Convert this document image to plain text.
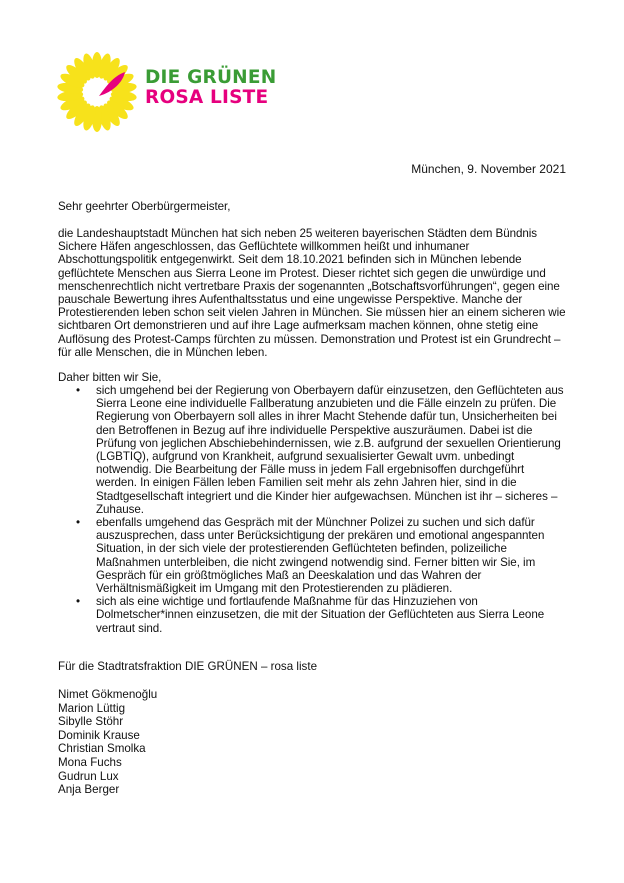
DIE GRÜNEN
ROSA LISTE
München, 9. November 2021
Sehr geehrter Oberbürgermeister,
die Landeshauptstadt München hat sich neben 25 weiteren bayerischen Städten dem Bündnis Sichere Häfen angeschlossen, das Geflüchtete willkommen heißt und inhumaner Abschottungspolitik entgegenwirkt. Seit dem 18.10.2021 befinden sich in München lebende geflüchtete Menschen aus Sierra Leone im Protest. Dieser richtet sich gegen die unwürdige und menschenrechtlich nicht vertretbare Praxis der sogenannten „Botschaftsvorführungen“, gegen eine pauschale Bewertung ihres Aufenthaltsstatus und eine ungewisse Perspektive. Manche der Protestierenden leben schon seit vielen Jahren in München. Sie müssen hier an einem sicheren wie sichtbaren Ort demonstrieren und auf ihre Lage aufmerksam machen können, ohne stetig eine Auflösung des Protest-Camps fürchten zu müssen. Demonstration und Protest ist ein Grundrecht – für alle Menschen, die in München leben.
Daher bitten wir Sie,
• sich umgehend bei der Regierung von Oberbayern dafür einzusetzen, den Geflüchteten aus Sierra Leone eine individuelle Fallberatung anzubieten und die Fälle einzeln zu prüfen. Die Regierung von Oberbayern soll alles in ihrer Macht Stehende dafür tun, Unsicherheiten bei den Betroffenen in Bezug auf ihre individuelle Perspektive auszuräumen. Dabei ist die Prüfung von jeglichen Abschiebehindernissen, wie z.B. aufgrund der sexuellen Orientierung (LGBTIQ), aufgrund von Krankheit, aufgrund sexualisierter Gewalt uvm. unbedingt notwendig. Die Bearbeitung der Fälle muss in jedem Fall ergebnisoffen durchgeführt werden. In einigen Fällen leben Familien seit mehr als zehn Jahren hier, sind in die Stadtgesellschaft integriert und die Kinder hier aufgewachsen. München ist ihr – sicheres – Zuhause.
• ebenfalls umgehend das Gespräch mit der Münchner Polizei zu suchen und sich dafür auszusprechen, dass unter Berücksichtigung der prekären und emotional angespannten Situation, in der sich viele der protestierenden Geflüchteten befinden, polizeiliche Maßnahmen unterbleiben, die nicht zwingend notwendig sind. Ferner bitten wir Sie, im Gespräch für ein größtmögliches Maß an Deeskalation und das Wahren der Verhältnismäßigkeit im Umgang mit den Protestierenden zu plädieren.
• sich als eine wichtige und fortlaufende Maßnahme für das Hinzuziehen von Dolmetscher*innen einzusetzen, die mit der Situation der Geflüchteten aus Sierra Leone vertraut sind.
Für die Stadtratsfraktion DIE GRÜNEN – rosa liste
Nimet Gökmenoğlu
Marion Lüttig
Sibylle Stöhr
Dominik Krause
Christian Smolka
Mona Fuchs
Gudrun Lux
Anja Berger
